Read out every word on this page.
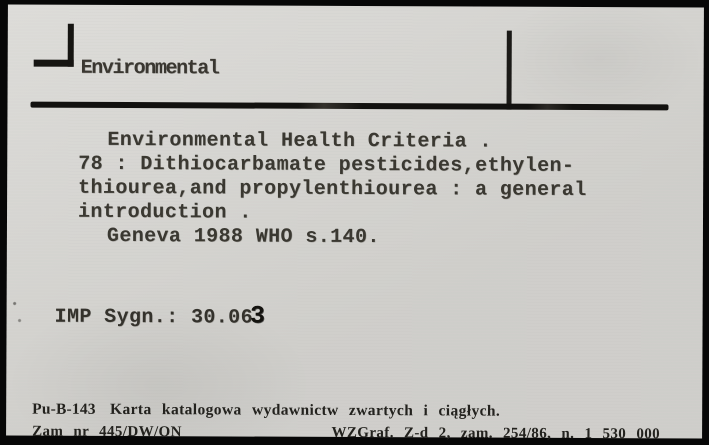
Environmental
Environmental Health Criteria .
78 : Dithiocarbamate pesticides,ethylen-
thiourea,and propylenthiourea : a general
introduction .
Geneva 1988 WHO s.140.
IMP Sygn.: 30.063
Pu-B-143 Karta katalogowa wydawnictw zwartych i ciągłych.
Zam nr 445/DW/ON	WZGraf. Z-d 2, zam. 254/86, n. 1 530 000
